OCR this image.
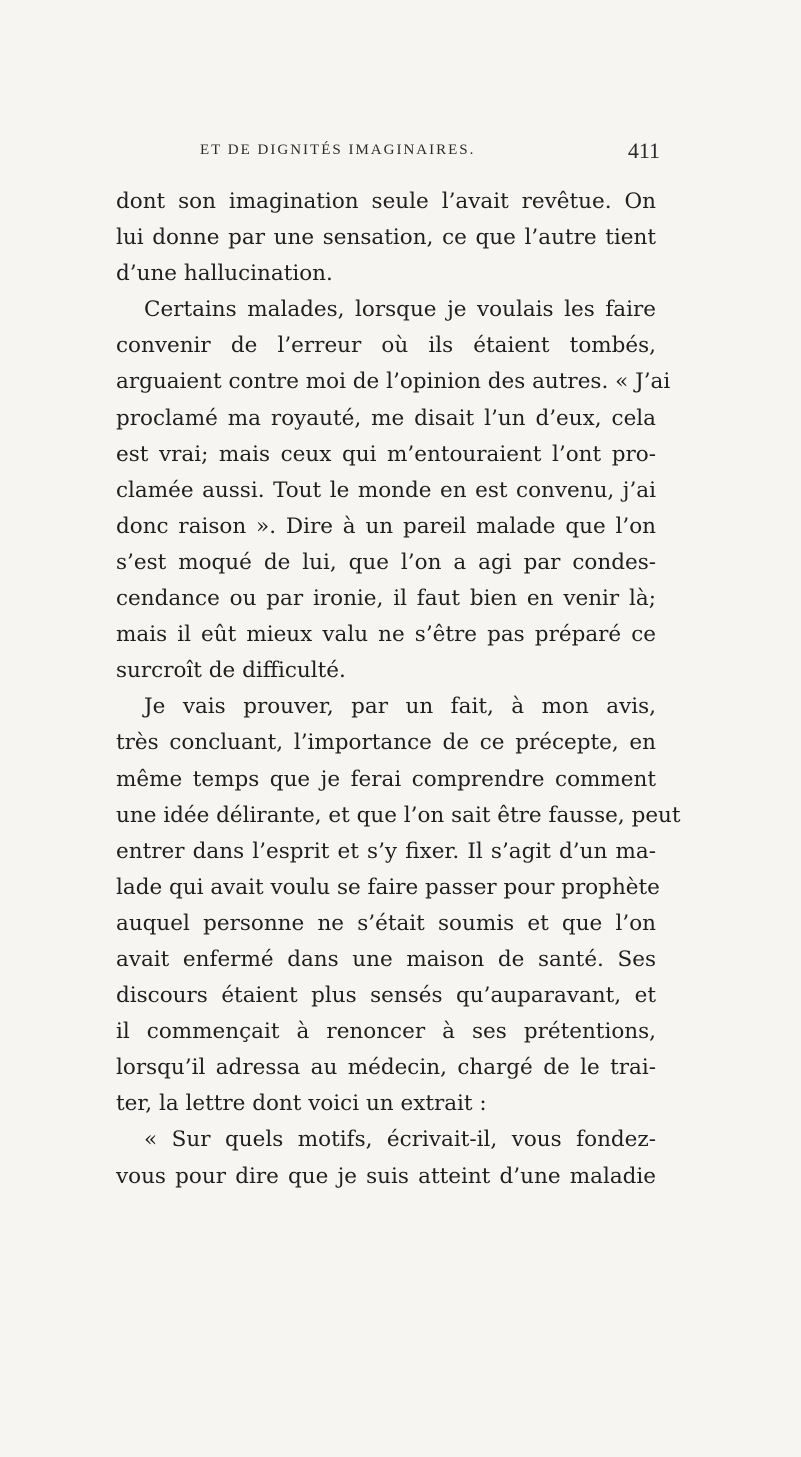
ET DE DIGNITÉS IMAGINAIRES.	411
dont son imagination seule l’avait revêtue. On
lui donne par une sensation, ce que l’autre tient
d’une hallucination.
Certains malades, lorsque je voulais les faire
convenir de l’erreur où ils étaient tombés,
arguaient contre moi de l’opinion des autres. « J’ai
proclamé ma royauté, me disait l’un d’eux, cela
est vrai; mais ceux qui m’entouraient l’ont pro-
clamée aussi. Tout le monde en est convenu, j’ai
donc raison ». Dire à un pareil malade que l’on
s’est moqué de lui, que l’on a agi par condes-
cendance ou par ironie, il faut bien en venir là;
mais il eût mieux valu ne s’être pas préparé ce
surcroît de difficulté.
Je vais prouver, par un fait, à mon avis,
très concluant, l’importance de ce précepte, en
même temps que je ferai comprendre comment
une idée délirante, et que l’on sait être fausse, peut
entrer dans l’esprit et s’y fixer. Il s’agit d’un ma-
lade qui avait voulu se faire passer pour prophète
auquel personne ne s’était soumis et que l’on
avait enfermé dans une maison de santé. Ses
discours étaient plus sensés qu’auparavant, et
il commençait à renoncer à ses prétentions,
lorsqu’il adressa au médecin, chargé de le trai-
ter, la lettre dont voici un extrait :
« Sur quels motifs, écrivait-il, vous fondez-
vous pour dire que je suis atteint d’une maladie
